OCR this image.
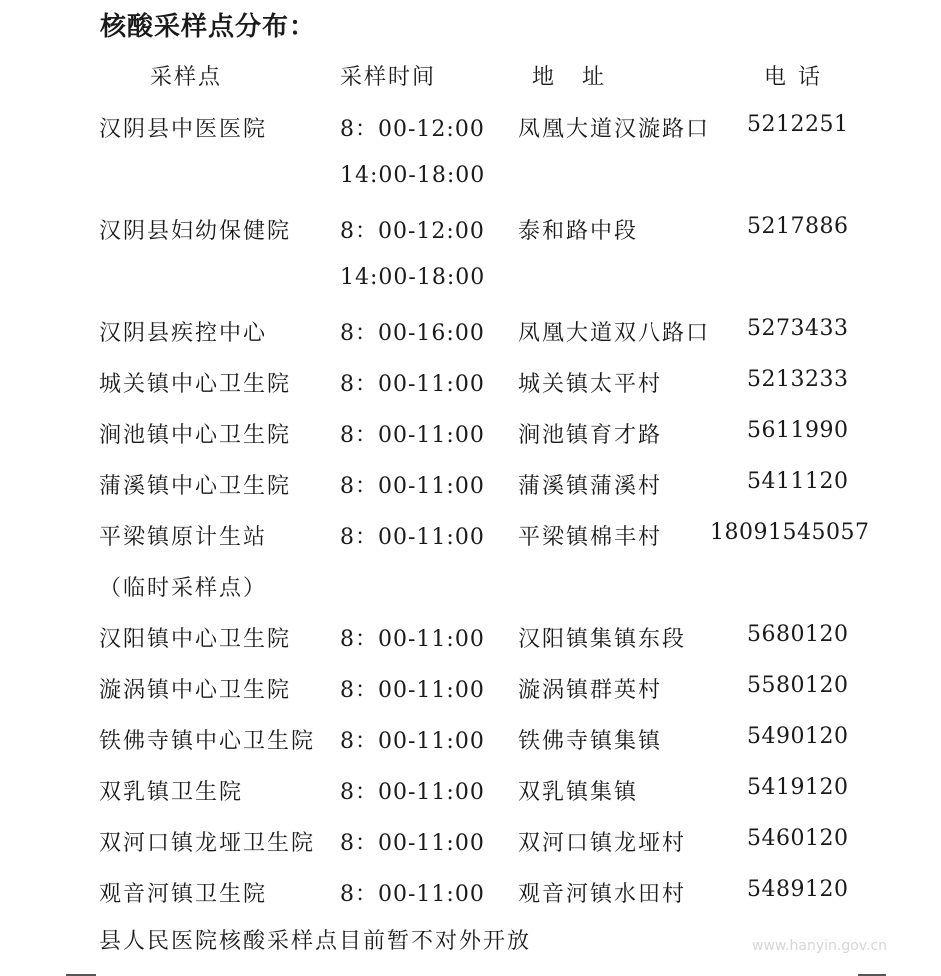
核酸采样点分布：
采样点	采样时间	地址	电话
汉阴县中医医院	8：00-12:00 凤凰大道汉漩路口 5212251
14:00-18:00
汉阴县妇幼保健院 8：00-12:00 泰和路中段	5217886
14:00-18:00
汉阴县疾控中心	8：00-16:00 凤凰大道双八路口 5273433
城关镇中心卫生院 8：00-11:00 城关镇太平村	5213233
涧池镇中心卫生院 8：00-11:00 涧池镇育才路	5611990
蒲溪镇中心卫生院 8：00-11:00 蒲溪镇蒲溪村	5411120
平梁镇原计生站	8：00-11:00 平梁镇棉丰村 18091545057
（临时采样点）
汉阳镇中心卫生院 8：00-11:00 汉阳镇集镇东段	5680120
漩涡镇中心卫生院 8：00-11:00 漩涡镇群英村	5580120
铁佛寺镇中心卫生院 8：00-11:00 铁佛寺镇集镇	5490120
双乳镇卫生院	8：00-11:00 双乳镇集镇	5419120
双河口镇龙垭卫生院 8：00-11:00 双河口镇龙垭村	5460120
观音河镇卫生院	8：00-11:00 观音河镇水田村	5489120
县人民医院核酸采样点目前暂不对外开放	www.hanyin.gov.cn
